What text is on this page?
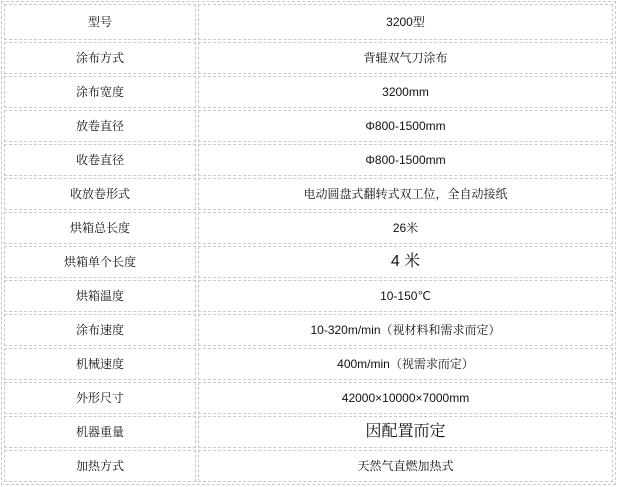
型号	3200型
涂布方式	背辊双气刀涂布
涂布宽度	3200mm
放卷直径	Φ800-1500mm
收卷直径	Φ800-1500mm
收放卷形式	电动圆盘式翻转式双工位，全自动接纸
烘箱总长度	26米
烘箱单个长度	4 米
烘箱温度	10-150℃
涂布速度	10-320m/min（视材料和需求而定）
机械速度	400m/min（视需求而定）
外形尺寸	42000×10000×7000mm
机器重量	因配置而定
加热方式	天然气直燃加热式
